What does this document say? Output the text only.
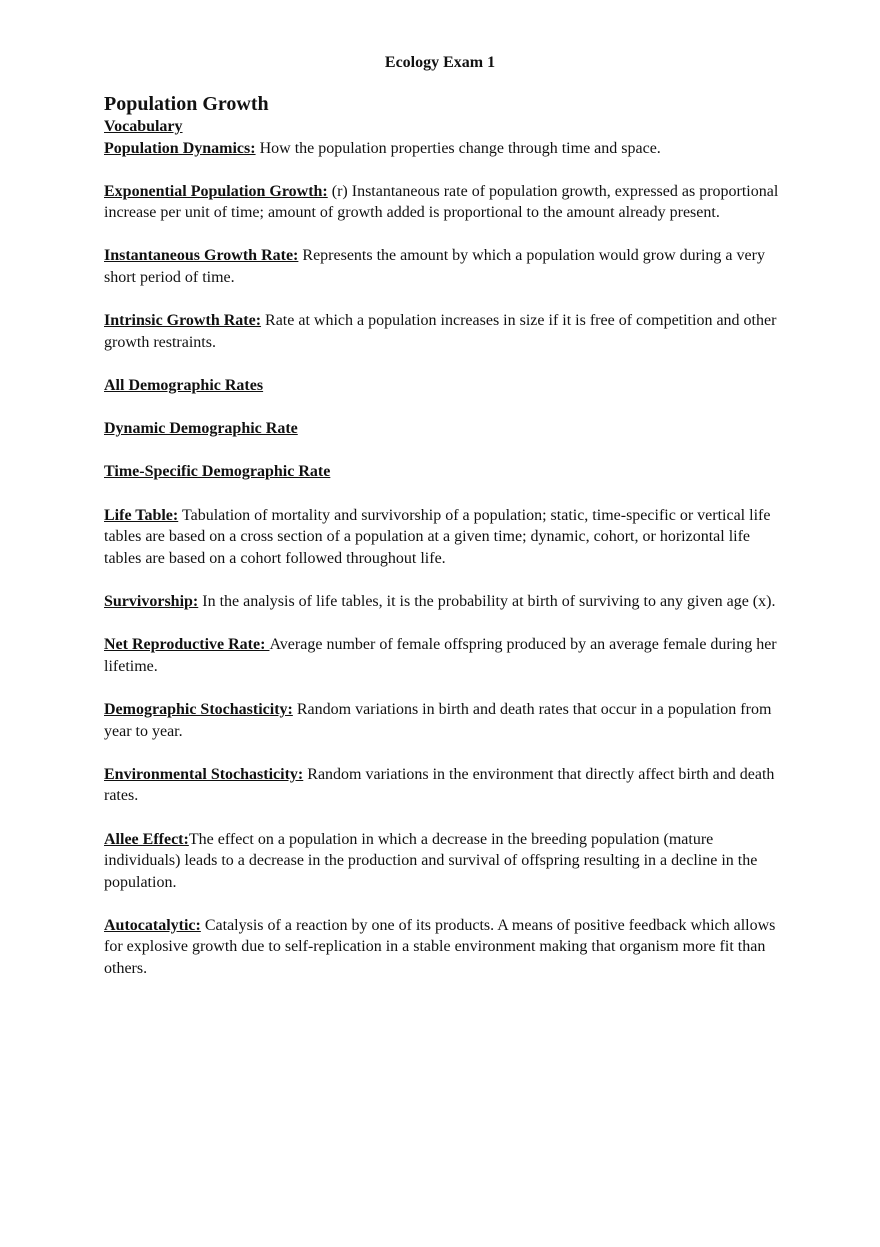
Ecology Exam 1
Population Growth
Vocabulary

Population Dynamics: How the population properties change through time and space.

Exponential Population Growth: (r) Instantaneous rate of population growth, expressed as proportional increase per unit of time; amount of growth added is proportional to the amount already present.

Instantaneous Growth Rate: Represents the amount by which a population would grow during a very short period of time.

Intrinsic Growth Rate: Rate at which a population increases in size if it is free of competition and other growth restraints.

All Demographic Rates

Dynamic Demographic Rate

Time-Specific Demographic Rate

Life Table: Tabulation of mortality and survivorship of a population; static, time-specific or vertical life tables are based on a cross section of a population at a given time; dynamic, cohort, or horizontal life tables are based on a cohort followed throughout life.

Survivorship: In the analysis of life tables, it is the probability at birth of surviving to any given age (x).

Net Reproductive Rate: Average number of female offspring produced by an average female during her lifetime.

Demographic Stochasticity: Random variations in birth and death rates that occur in a population from year to year.

Environmental Stochasticity: Random variations in the environment that directly affect birth and death rates.

Allee Effect:The effect on a population in which a decrease in the breeding population (mature individuals) leads to a decrease in the production and survival of offspring resulting in a decline in the population.

Autocatalytic: Catalysis of a reaction by one of its products. A means of positive feedback which allows for explosive growth due to self-replication in a stable environment making that organism more fit than others.
